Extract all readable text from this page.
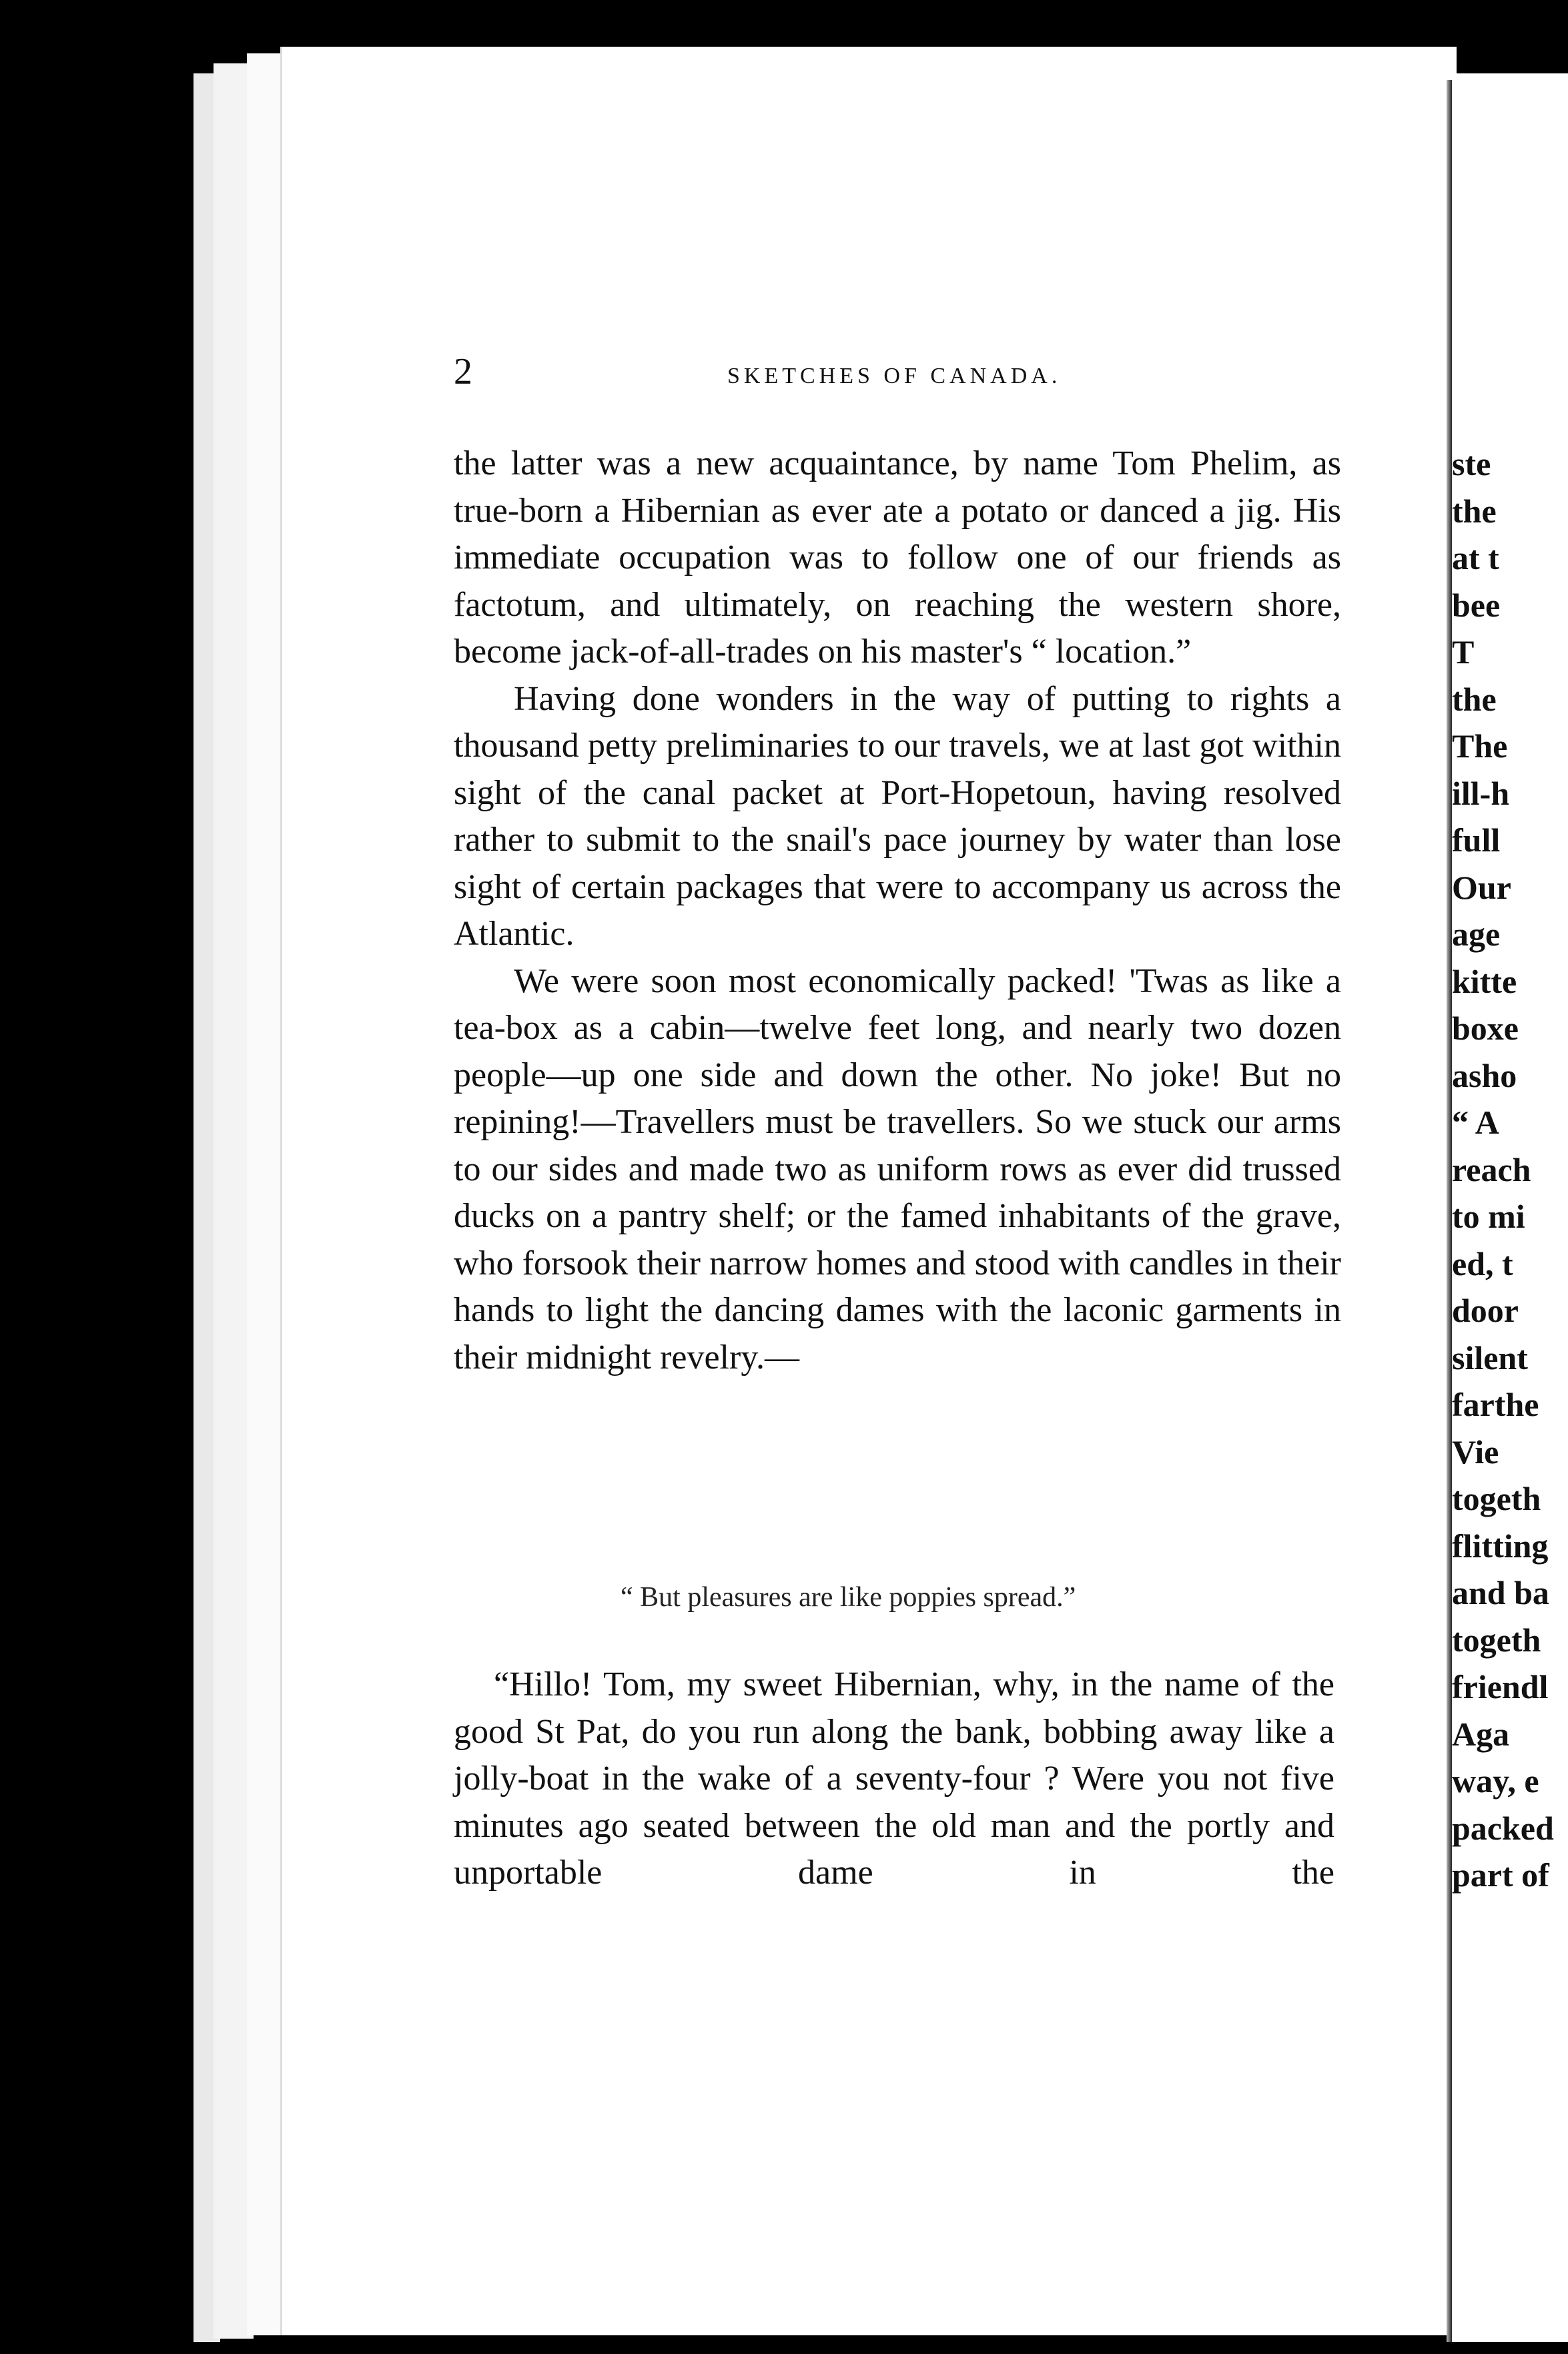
ste
the
at t
bee
T
the
The
ill-h
full
Our
age
kitte
boxe
asho
“ A
reach
to mi
ed, t
door
silent
farthe
Vie
togeth
flitting
and ba
togeth
friendl
Aga
way, e
packed
part of
2	SKETCHES OF CANADA.

the latter was a new acquaintance, by name Tom Phelim, as true-born a Hibernian as ever ate a potato or danced a jig. His immediate occupation was to follow one of our friends as factotum, and ultimately, on reaching the western shore, become jack-of-all-trades on his master's “ location.”

Having done wonders in the way of putting to rights a thousand petty preliminaries to our travels, we at last got within sight of the canal packet at Port-Hopetoun, having resolved rather to submit to the snail's pace journey by water than lose sight of certain packages that were to accompany us across the Atlantic.

We were soon most economically packed! 'Twas as like a tea-box as a cabin—twelve feet long, and nearly two dozen people—up one side and down the other. No joke! But no repining!—Travellers must be travellers. So we stuck our arms to our sides and made two as uniform rows as ever did trussed ducks on a pantry shelf; or the famed inhabitants of the grave, who forsook their narrow homes and stood with candles in their hands to light the dancing dames with the laconic garments in their midnight revelry.—

“ But pleasures are like poppies spread.”

“Hillo! Tom, my sweet Hibernian, why, in the name of the good St Pat, do you run along the bank, bobbing away like a jolly-boat in the wake of a seventy-four ? Were you not five minutes ago seated between the old man and the portly and unportable dame in the
